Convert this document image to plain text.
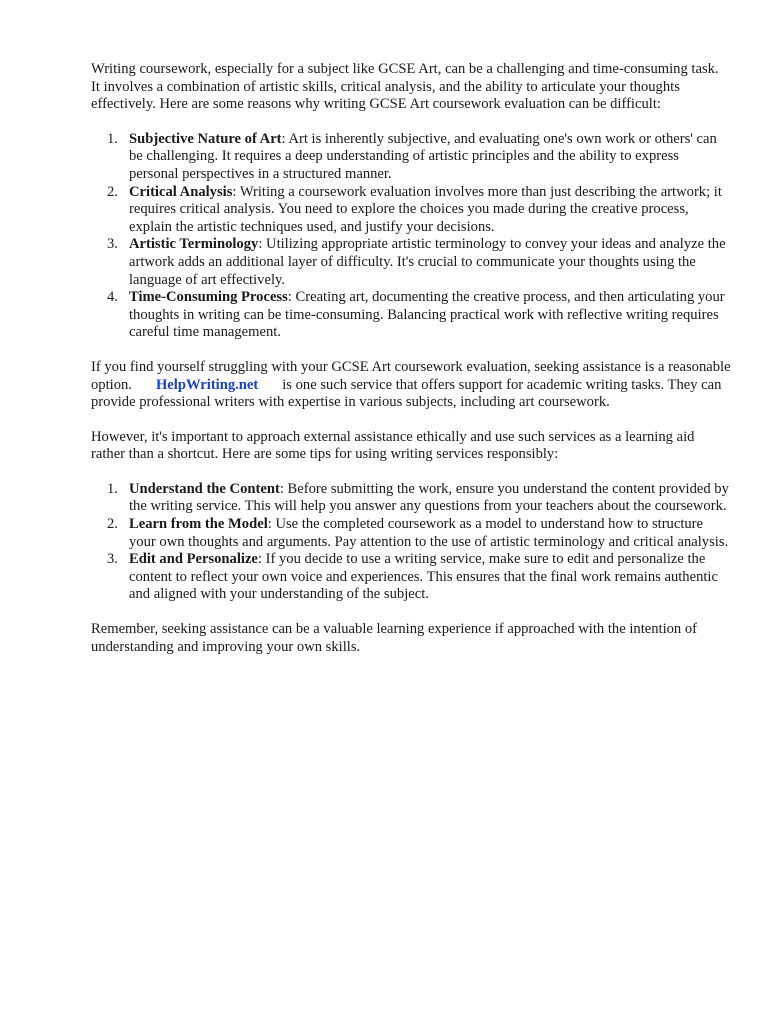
Writing coursework, especially for a subject like GCSE Art, can be a challenging and time-consuming task. It involves a combination of artistic skills, critical analysis, and the ability to articulate your thoughts effectively. Here are some reasons why writing GCSE Art coursework evaluation can be difficult:

1. Subjective Nature of Art: Art is inherently subjective, and evaluating one's own work or others' can be challenging. It requires a deep understanding of artistic principles and the ability to express personal perspectives in a structured manner.
2. Critical Analysis: Writing a coursework evaluation involves more than just describing the artwork; it requires critical analysis. You need to explore the choices you made during the creative process, explain the artistic techniques used, and justify your decisions.
3. Artistic Terminology: Utilizing appropriate artistic terminology to convey your ideas and analyze the artwork adds an additional layer of difficulty. It's crucial to communicate your thoughts using the language of art effectively.
4. Time-Consuming Process: Creating art, documenting the creative process, and then articulating your thoughts in writing can be time-consuming. Balancing practical work with reflective writing requires careful time management.

If you find yourself struggling with your GCSE Art coursework evaluation, seeking assistance is a reasonable option. HelpWriting.net is one such service that offers support for academic writing tasks. They can provide professional writers with expertise in various subjects, including art coursework.

However, it's important to approach external assistance ethically and use such services as a learning aid rather than a shortcut. Here are some tips for using writing services responsibly:

1. Understand the Content: Before submitting the work, ensure you understand the content provided by the writing service. This will help you answer any questions from your teachers about the coursework.
2. Learn from the Model: Use the completed coursework as a model to understand how to structure your own thoughts and arguments. Pay attention to the use of artistic terminology and critical analysis.
3. Edit and Personalize: If you decide to use a writing service, make sure to edit and personalize the content to reflect your own voice and experiences. This ensures that the final work remains authentic and aligned with your understanding of the subject.

Remember, seeking assistance can be a valuable learning experience if approached with the intention of understanding and improving your own skills.
